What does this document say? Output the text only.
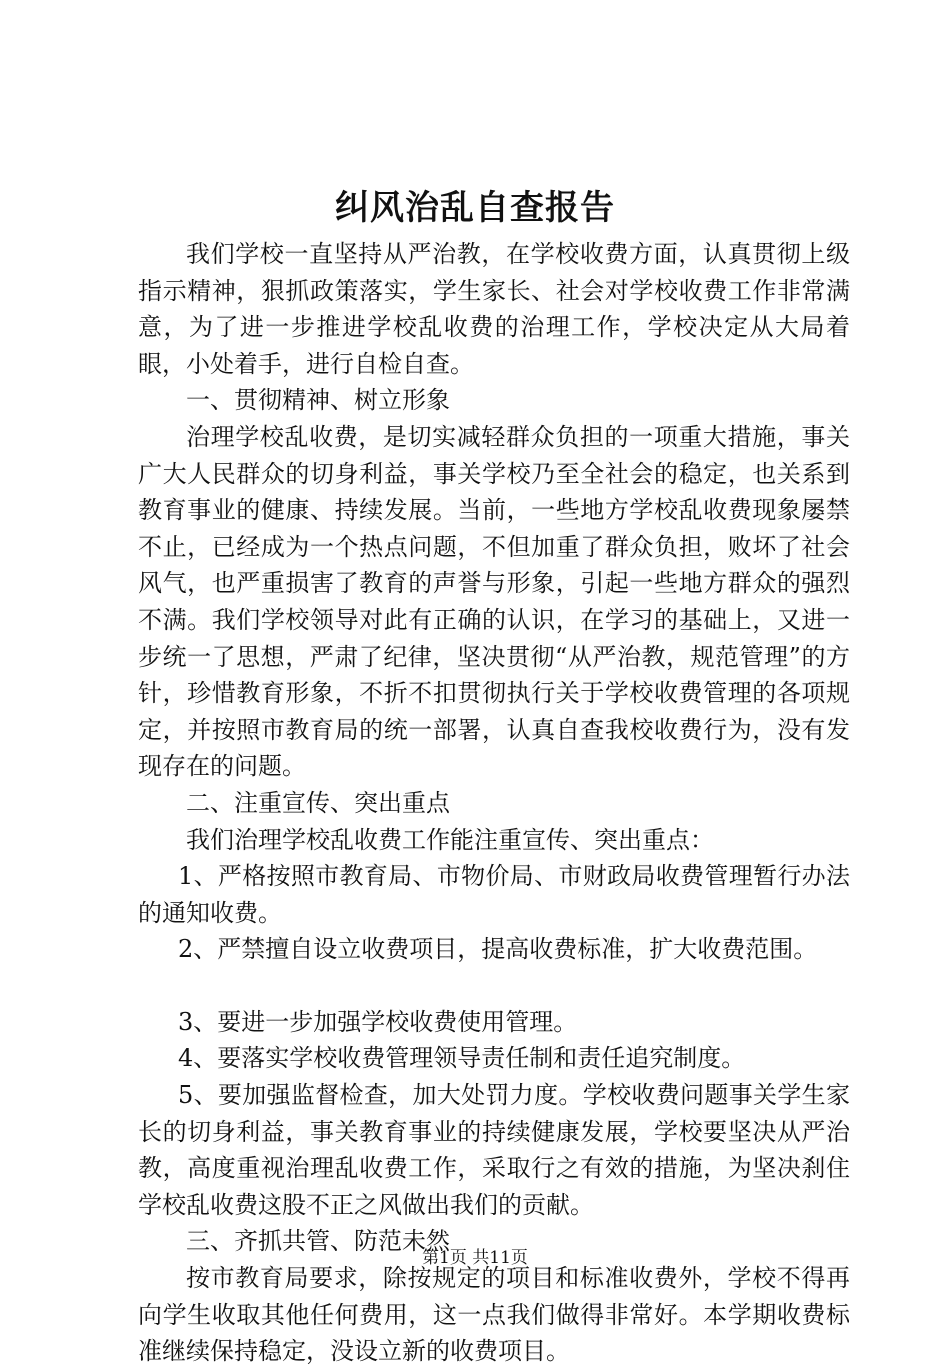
纠风治乱自查报告

我们学校一直坚持从严治教，在学校收费方面，认真贯彻上级指示精神，狠抓政策落实，学生家长、社会对学校收费工作非常满意，为了进一步推进学校乱收费的治理工作，学校决定从大局着眼，小处着手，进行自检自查。

一、贯彻精神、树立形象

治理学校乱收费，是切实减轻群众负担的一项重大措施，事关广大人民群众的切身利益，事关学校乃至全社会的稳定，也关系到教育事业的健康、持续发展。当前，一些地方学校乱收费现象屡禁不止，已经成为一个热点问题，不但加重了群众负担，败坏了社会风气，也严重损害了教育的声誉与形象，引起一些地方群众的强烈不满。我们学校领导对此有正确的认识，在学习的基础上，又进一步统一了思想，严肃了纪律，坚决贯彻“从严治教，规范管理”的方针，珍惜教育形象，不折不扣贯彻执行关于学校收费管理的各项规定，并按照市教育局的统一部署，认真自查我校收费行为，没有发现存在的问题。

二、注重宣传、突出重点

我们治理学校乱收费工作能注重宣传、突出重点：

1、严格按照市教育局、市物价局、市财政局收费管理暂行办法的通知收费。

2、严禁擅自设立收费项目，提高收费标准，扩大收费范围。

3、要进一步加强学校收费使用管理。

4、要落实学校收费管理领导责任制和责任追究制度。

5、要加强监督检查，加大处罚力度。学校收费问题事关学生家长的切身利益，事关教育事业的持续健康发展，学校要坚决从严治教，高度重视治理乱收费工作，采取行之有效的措施，为坚决刹住学校乱收费这股不正之风做出我们的贡献。

三、齐抓共管、防范未然

按市教育局要求，除按规定的项目和标准收费外，学校不得再向学生收取其他任何费用，这一点我们做得非常好。本学期收费标准继续保持稳定，没设立新的收费项目。

第1页 共11页
